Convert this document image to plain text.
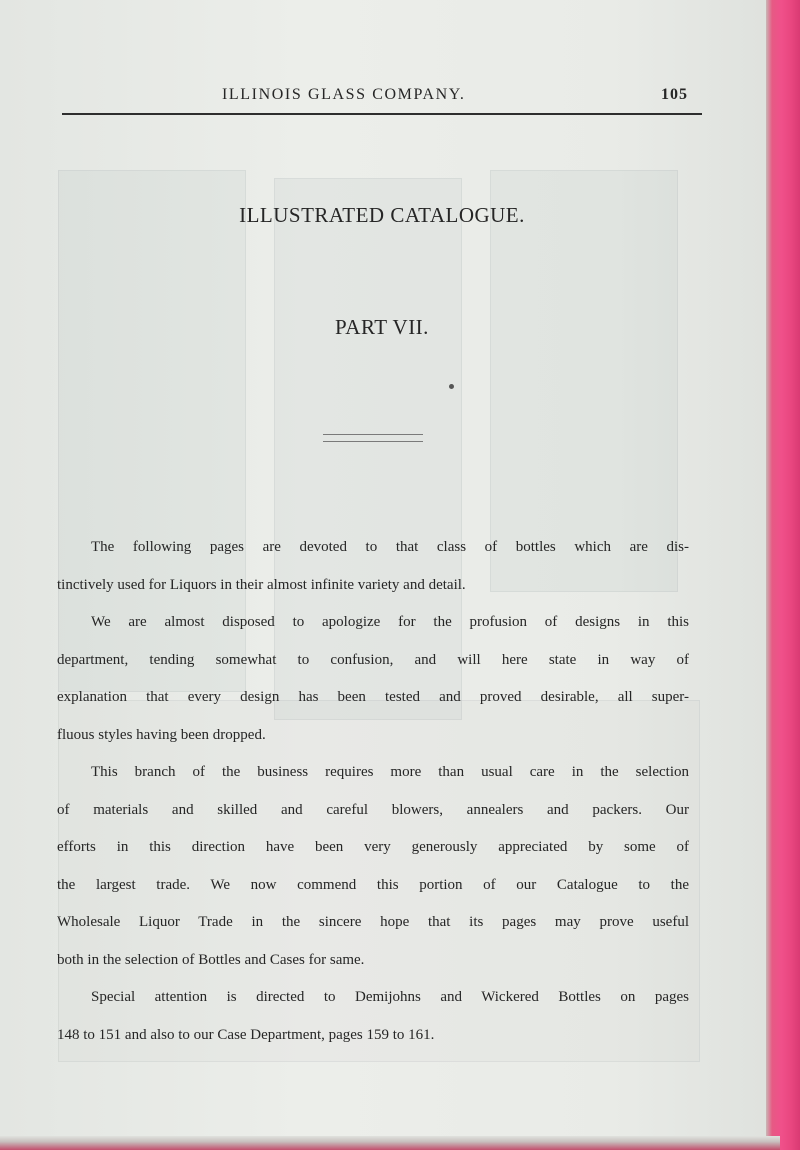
ILLINOIS GLASS COMPANY.	105
ILLUSTRATED CATALOGUE.
PART VII.
The following pages are devoted to that class of bottles which are dis-
tinctively used for Liquors in their almost infinite variety and detail.
We are almost disposed to apologize for the profusion of designs in this
department, tending somewhat to confusion, and will here state in way of
explanation that every design has been tested and proved desirable, all super-
fluous styles having been dropped.
This branch of the business requires more than usual care in the selection
of materials and skilled and careful blowers, annealers and packers. Our
efforts in this direction have been very generously appreciated by some of
the largest trade. We now commend this portion of our Catalogue to the
Wholesale Liquor Trade in the sincere hope that its pages may prove useful
both in the selection of Bottles and Cases for same.
Special attention is directed to Demijohns and Wickered Bottles on pages
148 to 151 and also to our Case Department, pages 159 to 161.
